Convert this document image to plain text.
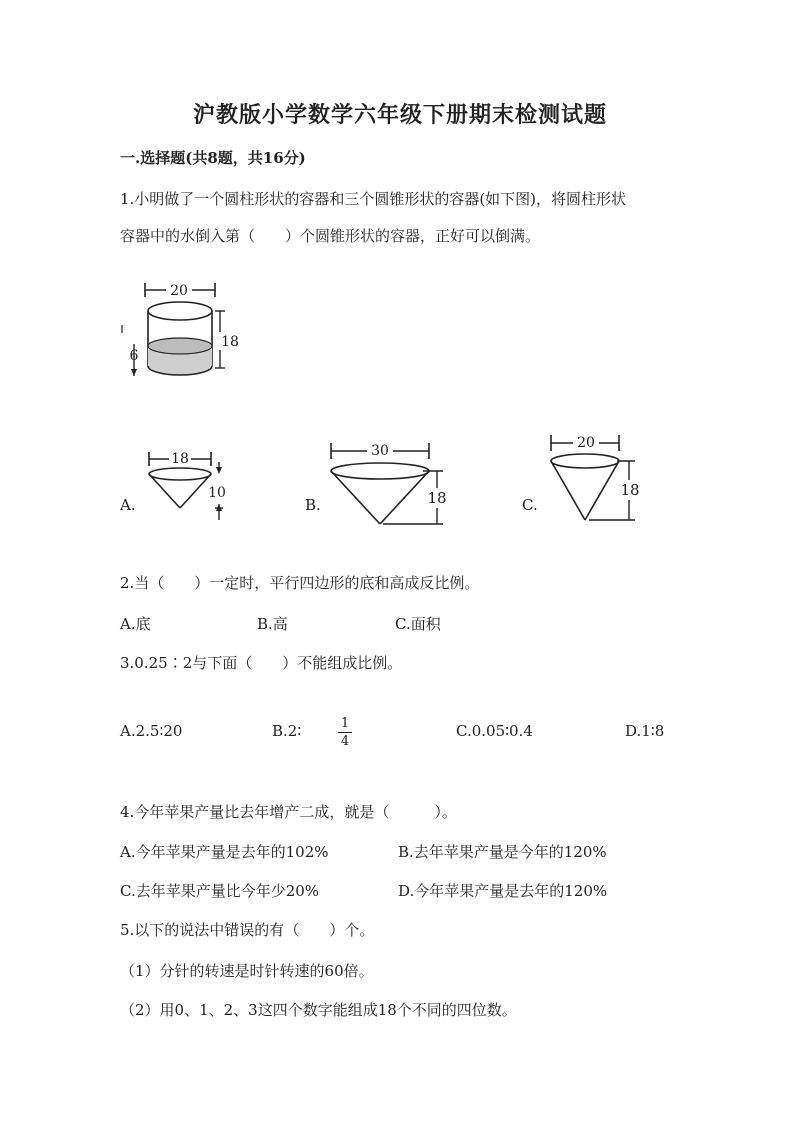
沪教版小学数学六年级下册期末检测试题
一.选择题(共8题，共16分)
1.小明做了一个圆柱形状的容器和三个圆锥形状的容器(如下图)，将圆柱形状
容器中的水倒入第（　　）个圆锥形状的容器，正好可以倒满。
20
18
6
A.
18
10
B.
30
18	C.
20
18
2.当（　　）一定时，平行四边形的底和高成反比例。
A.底	B.高	C.面积
3.0.25∶2与下面（　　）不能组成比例。
A.2.5∶20	B.2∶	1
4
C.0.05∶0.4	D.1∶8
4.今年苹果产量比去年增产二成，就是（　　　）。
A.今年苹果产量是去年的102%	B.去年苹果产量是今年的120%
C.去年苹果产量比今年少20%	D.今年苹果产量是去年的120%
5.以下的说法中错误的有（　　）个。
（1）分针的转速是时针转速的60倍。
（2）用0、1、2、3这四个数字能组成18个不同的四位数。
